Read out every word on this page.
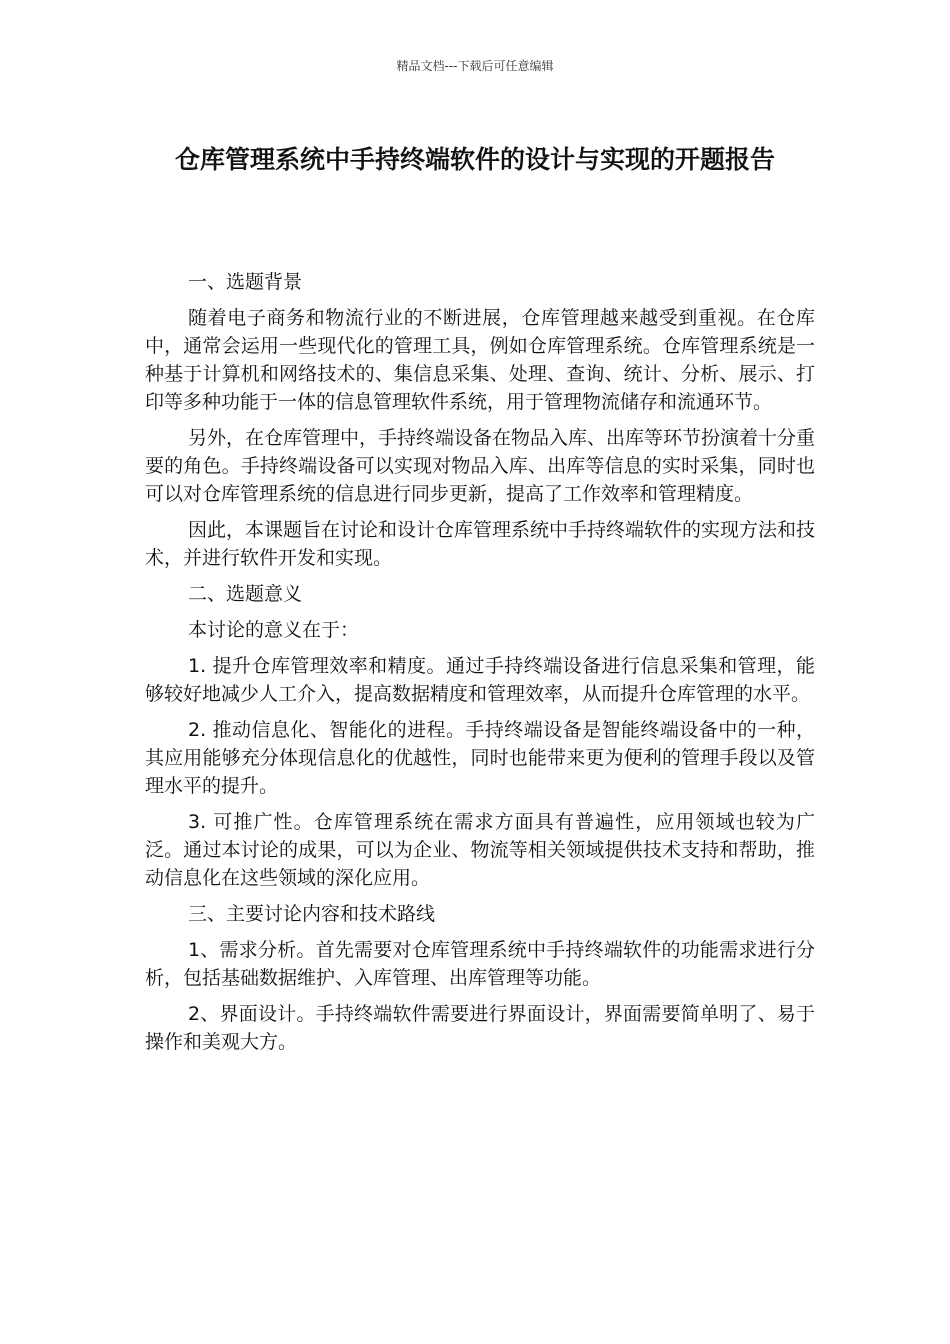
精品文档---下载后可任意编辑
仓库管理系统中手持终端软件的设计与实现的开题报告

一、选题背景

随着电子商务和物流行业的不断进展，仓库管理越来越受到重视。在仓库中，通常会运用一些现代化的管理工具，例如仓库管理系统。仓库管理系统是一种基于计算机和网络技术的、集信息采集、处理、查询、统计、分析、展示、打印等多种功能于一体的信息管理软件系统，用于管理物流储存和流通环节。

另外，在仓库管理中，手持终端设备在物品入库、出库等环节扮演着十分重要的角色。手持终端设备可以实现对物品入库、出库等信息的实时采集，同时也可以对仓库管理系统的信息进行同步更新，提高了工作效率和管理精度。

因此，本课题旨在讨论和设计仓库管理系统中手持终端软件的实现方法和技术，并进行软件开发和实现。

二、选题意义

本讨论的意义在于：

1. 提升仓库管理效率和精度。通过手持终端设备进行信息采集和管理，能够较好地减少人工介入，提高数据精度和管理效率，从而提升仓库管理的水平。

2. 推动信息化、智能化的进程。手持终端设备是智能终端设备中的一种，其应用能够充分体现信息化的优越性，同时也能带来更为便利的管理手段以及管理水平的提升。

3. 可推广性。仓库管理系统在需求方面具有普遍性，应用领域也较为广泛。通过本讨论的成果，可以为企业、物流等相关领域提供技术支持和帮助，推动信息化在这些领域的深化应用。

三、主要讨论内容和技术路线

1、需求分析。首先需要对仓库管理系统中手持终端软件的功能需求进行分析，包括基础数据维护、入库管理、出库管理等功能。

2、界面设计。手持终端软件需要进行界面设计，界面需要简单明了、易于操作和美观大方。
